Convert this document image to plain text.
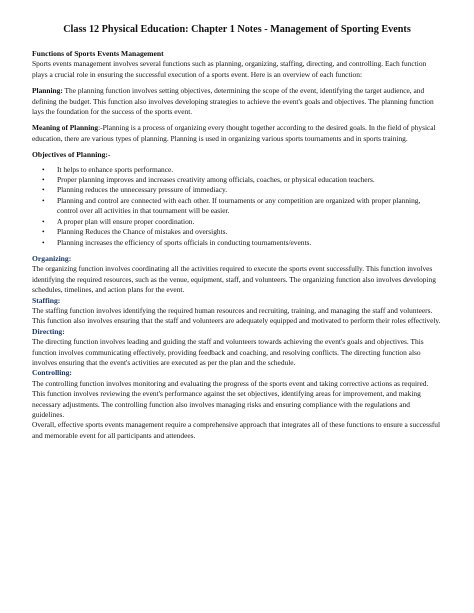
Class 12 Physical Education: Chapter 1 Notes - Management of Sporting Events

Functions of Sports Events Management

Sports events management involves several functions such as planning, organizing, staffing, directing, and controlling. Each function plays a crucial role in ensuring the successful execution of a sports event. Here is an overview of each function:

Planning: The planning function involves setting objectives, determining the scope of the event, identifying the target audience, and defining the budget. This function also involves developing strategies to achieve the event's goals and objectives. The planning function lays the foundation for the success of the sports event.

Meaning of Planning:-Planning is a process of organizing every thought together according to the desired goals. In the field of physical education, there are various types of planning. Planning is used in organizing various sports tournaments and in sports training.

Objectives of Planning:-

• It helps to enhance sports performance.
• Proper planning improves and increases creativity among officials, coaches, or physical education teachers.
• Planning reduces the unnecessary pressure of immediacy.
• Planning and control are connected with each other. If tournaments or any competition are organized with proper planning, control over all activities in that tournament will be easier.
• A proper plan will ensure proper coordination.
• Planning Reduces the Chance of mistakes and oversights.
• Planning increases the efficiency of sports officials in conducting tournaments/events.

Organizing:

The organizing function involves coordinating all the activities required to execute the sports event successfully. This function involves identifying the required resources, such as the venue, equipment, staff, and volunteers. The organizing function also involves developing schedules, timelines, and action plans for the event.

Staffing:

The staffing function involves identifying the required human resources and recruiting, training, and managing the staff and volunteers. This function also involves ensuring that the staff and volunteers are adequately equipped and motivated to perform their roles effectively.

Directing:

The directing function involves leading and guiding the staff and volunteers towards achieving the event's goals and objectives. This function involves communicating effectively, providing feedback and coaching, and resolving conflicts. The directing function also involves ensuring that the event's activities are executed as per the plan and the schedule.

Controlling:

The controlling function involves monitoring and evaluating the progress of the sports event and taking corrective actions as required. This function involves reviewing the event's performance against the set objectives, identifying areas for improvement, and making necessary adjustments. The controlling function also involves managing risks and ensuring compliance with the regulations and guidelines.

Overall, effective sports events management require a comprehensive approach that integrates all of these functions to ensure a successful and memorable event for all participants and attendees.
